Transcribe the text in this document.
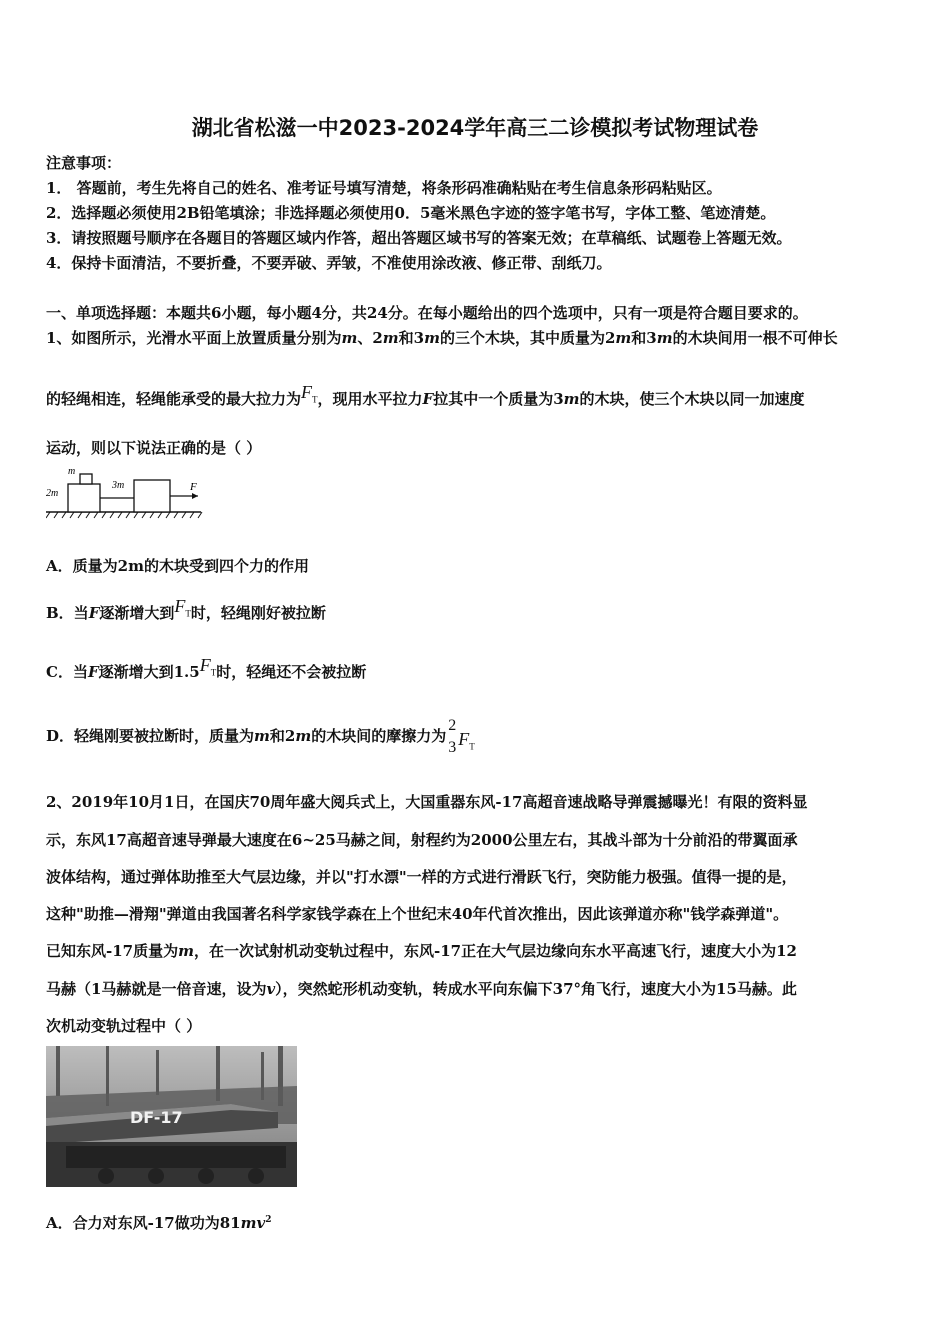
湖北省松滋一中2023-2024学年高三二诊模拟考试物理试卷
注意事项：
1． 答题前，考生先将自己的姓名、准考证号填写清楚，将条形码准确粘贴在考生信息条形码粘贴区。
2．选择题必须使用2B铅笔填涂；非选择题必须使用0．5毫米黑色字迹的签字笔书写，字体工整、笔迹清楚。
3．请按照题号顺序在各题目的答题区域内作答，超出答题区域书写的答案无效；在草稿纸、试题卷上答题无效。
4．保持卡面清洁，不要折叠，不要弄破、弄皱，不准使用涂改液、修正带、刮纸刀。
一、单项选择题：本题共6小题，每小题4分，共24分。在每小题给出的四个选项中，只有一项是符合题目要求的。
1、如图所示，光滑水平面上放置质量分别为m、2m和3m的三个木块，其中质量为2m和3m的木块间用一根不可伸长
的轻绳相连，轻绳能承受的最大拉力为$F_T$，现用水平拉力F拉其中一个质量为3m的木块，使三个木块以同一加速度
运动，则以下说法正确的是（ ）
m
2m
3m	F
A．质量为2m的木块受到四个力的作用
B．当F逐渐增大到$F_T$时，轻绳刚好被拉断
C．当F逐渐增大到$1.5F_T$时，轻绳还不会被拉断
D．轻绳刚要被拉断时，质量为m和2m的木块间的摩擦力为
2
3 $F_T$
2、2019年10月1日，在国庆70周年盛大阅兵式上，大国重器东风-17高超音速战略导弹震撼曝光！有限的资料显
示，东风17高超音速导弹最大速度在6~25马赫之间，射程约为2000公里左右，其战斗部为十分前沿的带翼面承
波体结构，通过弹体助推至大气层边缘，并以"打水漂"一样的方式进行滑跃飞行，突防能力极强。值得一提的是，
这种"助推—滑翔"弹道由我国著名科学家钱学森在上个世纪末40年代首次推出，因此该弹道亦称"钱学森弹道"。
已知东风-17质量为m，在一次试射机动变轨过程中，东风-17正在大气层边缘向东水平高速飞行，速度大小为12
马赫（1马赫就是一倍音速，设为v），突然蛇形机动变轨，转成水平向东偏下37°角飞行，速度大小为15马赫。此
次机动变轨过程中（ ）
DF-17
A．合力对东风-17做功为$81mv^2$
